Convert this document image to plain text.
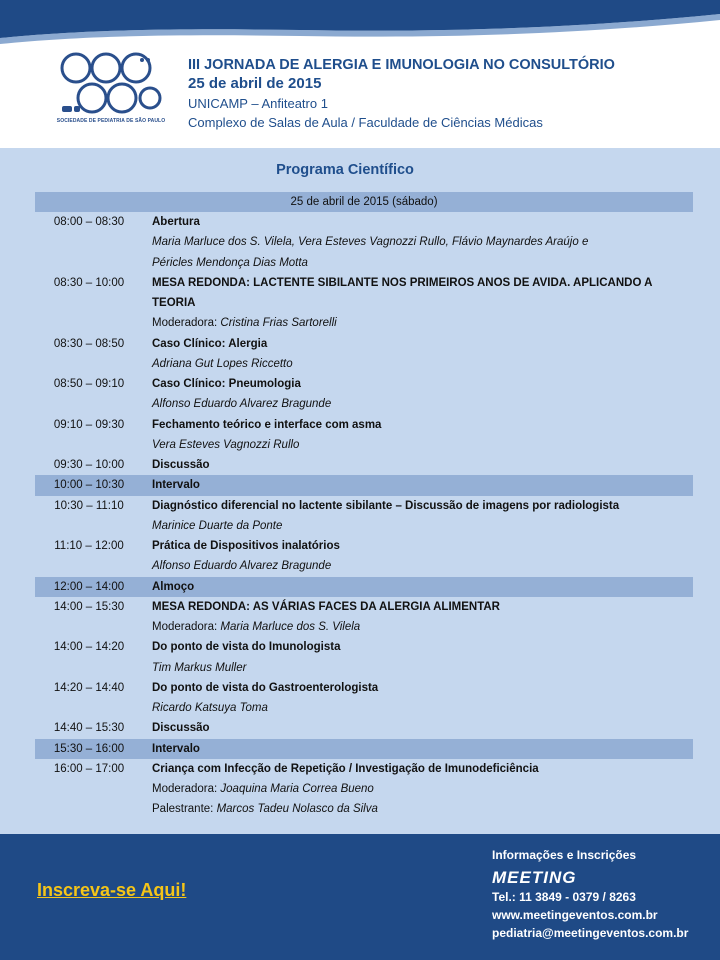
SOCIEDADE DE PEDIATRIA DE SÃO PAULO
III JORNADA DE ALERGIA E IMUNOLOGIA NO CONSULTÓRIO
25 de abril de 2015
UNICAMP – Anfiteatro 1
Complexo de Salas de Aula / Faculdade de Ciências Médicas
Programa Científico
25 de abril de 2015 (sábado)
08:00 – 08:30	Abertura
Maria Marluce dos S. Vilela, Vera Esteves Vagnozzi Rullo, Flávio Maynardes Araújo e
Péricles Mendonça Dias Motta
08:30 – 10:00	MESA REDONDA: LACTENTE SIBILANTE NOS PRIMEIROS ANOS DE AVIDA. APLICANDO A
TEORIA
Moderadora: Cristina Frias Sartorelli
08:30 – 08:50	Caso Clínico: Alergia
Adriana Gut Lopes Riccetto
08:50 – 09:10	Caso Clínico: Pneumologia
Alfonso Eduardo Alvarez Bragunde
09:10 – 09:30	Fechamento teórico e interface com asma
Vera Esteves Vagnozzi Rullo
09:30 – 10:00	Discussão
10:00 – 10:30	Intervalo
10:30 – 11:10	Diagnóstico diferencial no lactente sibilante – Discussão de imagens por radiologista
Marinice Duarte da Ponte
11:10 – 12:00	Prática de Dispositivos inalatórios
Alfonso Eduardo Alvarez Bragunde
12:00 – 14:00	Almoço
14:00 – 15:30	MESA REDONDA: AS VÁRIAS FACES DA ALERGIA ALIMENTAR
Moderadora: Maria Marluce dos S. Vilela
14:00 – 14:20	Do ponto de vista do Imunologista
Tim Markus Muller
14:20 – 14:40	Do ponto de vista do Gastroenterologista
Ricardo Katsuya Toma
14:40 – 15:30	Discussão
15:30 – 16:00	Intervalo
16:00 – 17:00	Criança com Infecção de Repetição / Investigação de Imunodeficiência
Moderadora: Joaquina Maria Correa Bueno
Palestrante: Marcos Tadeu Nolasco da Silva
Inscreva-se Aqui!
Informações e Inscrições
MEETING
Tel.: 11 3849 - 0379 / 8263
www.meetingeventos.com.br
pediatria@meetingeventos.com.br
